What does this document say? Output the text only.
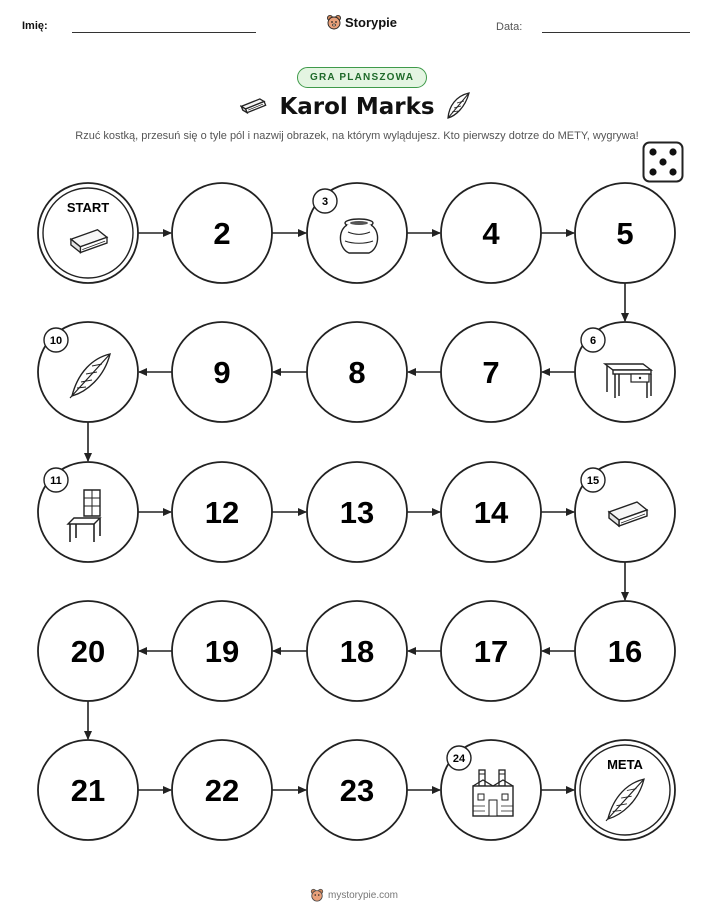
Imię:	Storypie	Data:
GRA PLANSZOWA
Karol Marks
Rzuć kostką, przesuń się o tyle pól i nazwij obrazek, na którym wylądujesz. Kto pierwszy dotrze do METY, wygrywa!
START
2
3
4	5
6
7
8
9
10
11
12	13	14
15
16
17
18
19
20
21	22	23
24	META
mystorypie.com
